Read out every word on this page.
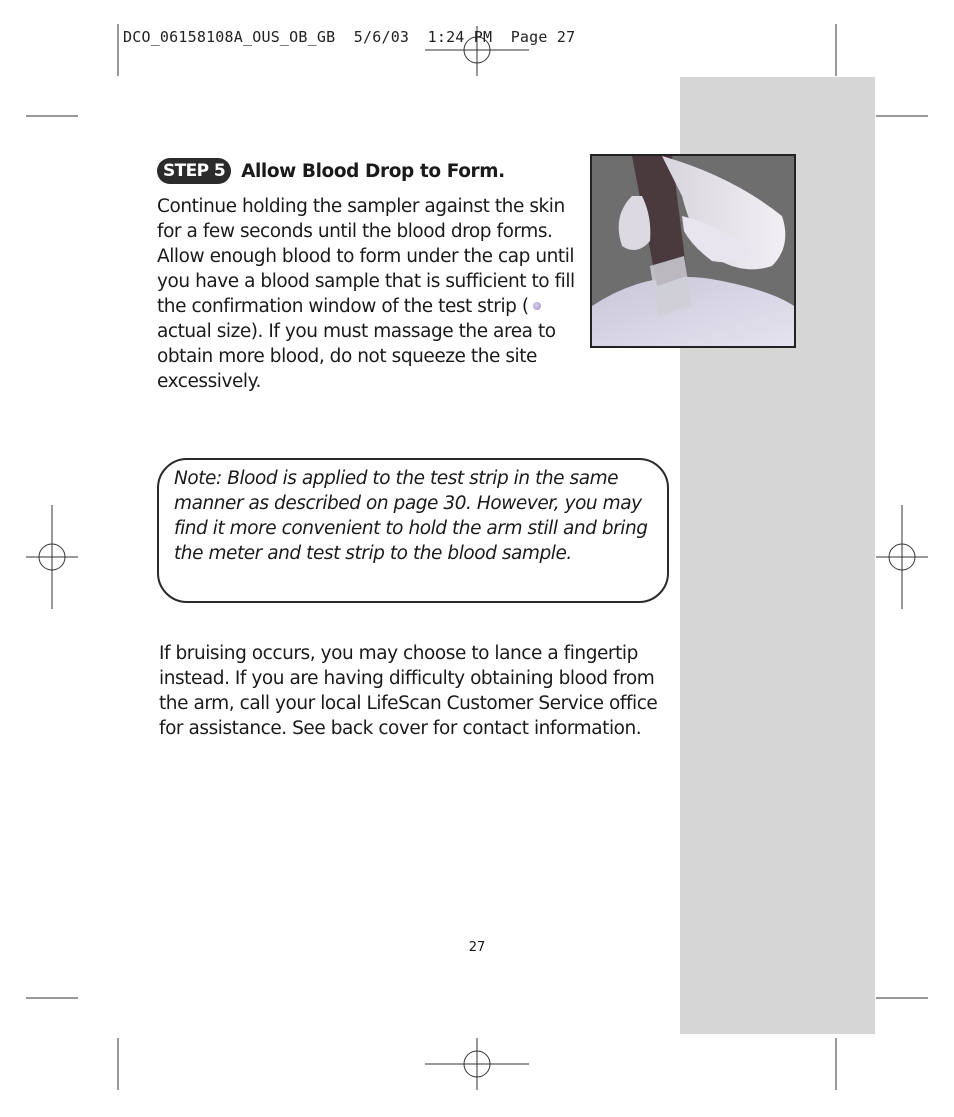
DCO_06158108A_OUS_OB_GB  5/6/03  1:24 PM  Page 27
STEP 5 Allow Blood Drop to Form.
Continue holding the sampler against the skin for a few seconds until the blood drop forms. Allow enough blood to form under the cap until you have a blood sample that is sufficient to fill the confirmation window of the test strip ( actual size). If you must massage the area to obtain more blood, do not squeeze the site excessively.
Note: Blood is applied to the test strip in the same manner as described on page 30. However, you may find it more convenient to hold the arm still and bring the meter and test strip to the blood sample.
If bruising occurs, you may choose to lance a fingertip instead. If you are having difficulty obtaining blood from the arm, call your local LifeScan Customer Service office for assistance. See back cover for contact information.
27
